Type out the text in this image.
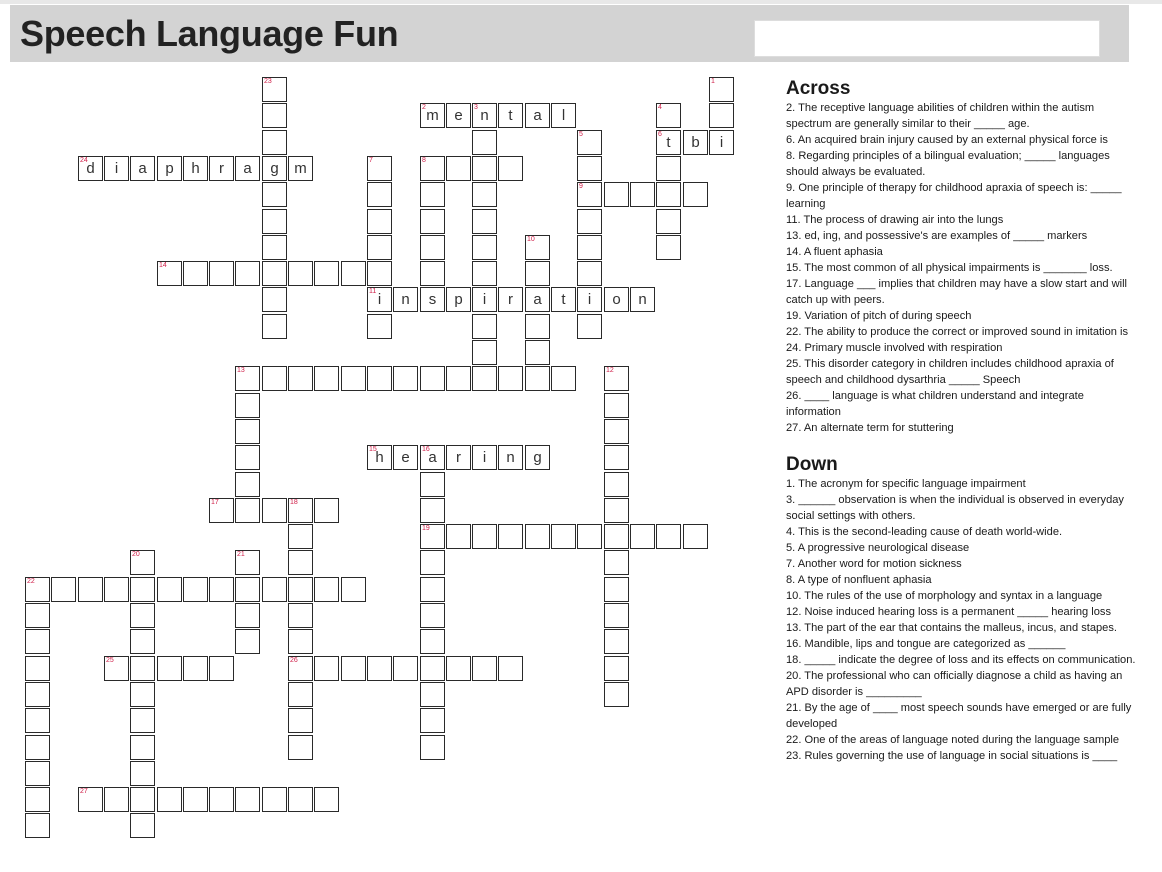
Speech Language Fun
1
i
2 m	e	n
3	t	a	l
i
4
6 t
5
9
i
b
7
11 i
8
s
10
a
n	p	r	t	o	n
12
13
14
15
h	e	a
16	r	i	n	g
19
17	18
26
20	21
22
23
g
24
d	i	a	p	h	r	a	m
25
27
Across

2. The receptive language abilities of children within the autism spectrum are generally similar to their _____ age.

6. An acquired brain injury caused by an external physical force is

8. Regarding principles of a bilingual evaluation; _____ languages should always be evaluated.

9. One principle of therapy for childhood apraxia of speech is: _____ learning

11. The process of drawing air into the lungs

13. ed, ing, and possessive's are examples of _____ markers

14. A fluent aphasia

15. The most common of all physical impairments is _______ loss.

17. Language ___ implies that children may have a slow start and will catch up with peers.

19. Variation of pitch of during speech

22. The ability to produce the correct or improved sound in imitation is

24. Primary muscle involved with respiration

25. This disorder category in children includes childhood apraxia of speech and childhood dysarthria _____ Speech

26. ____ language is what children understand and integrate information

27. An alternate term for stuttering

Down

1. The acronym for specific language impairment

3. ______ observation is when the individual is observed in everyday social settings with others.

4. This is the second-leading cause of death world-wide.

5. A progressive neurological disease

7. Another word for motion sickness

8. A type of nonfluent aphasia

10. The rules of the use of morphology and syntax in a language

12. Noise induced hearing loss is a permanent _____ hearing loss

13. The part of the ear that contains the malleus, incus, and stapes.

16. Mandible, lips and tongue are categorized as ______

18. _____ indicate the degree of loss and its effects on communication.

20. The professional who can officially diagnose a child as having an APD disorder is _________

21. By the age of ____ most speech sounds have emerged or are fully developed

22. One of the areas of language noted during the language sample

23. Rules governing the use of language in social situations is ____
